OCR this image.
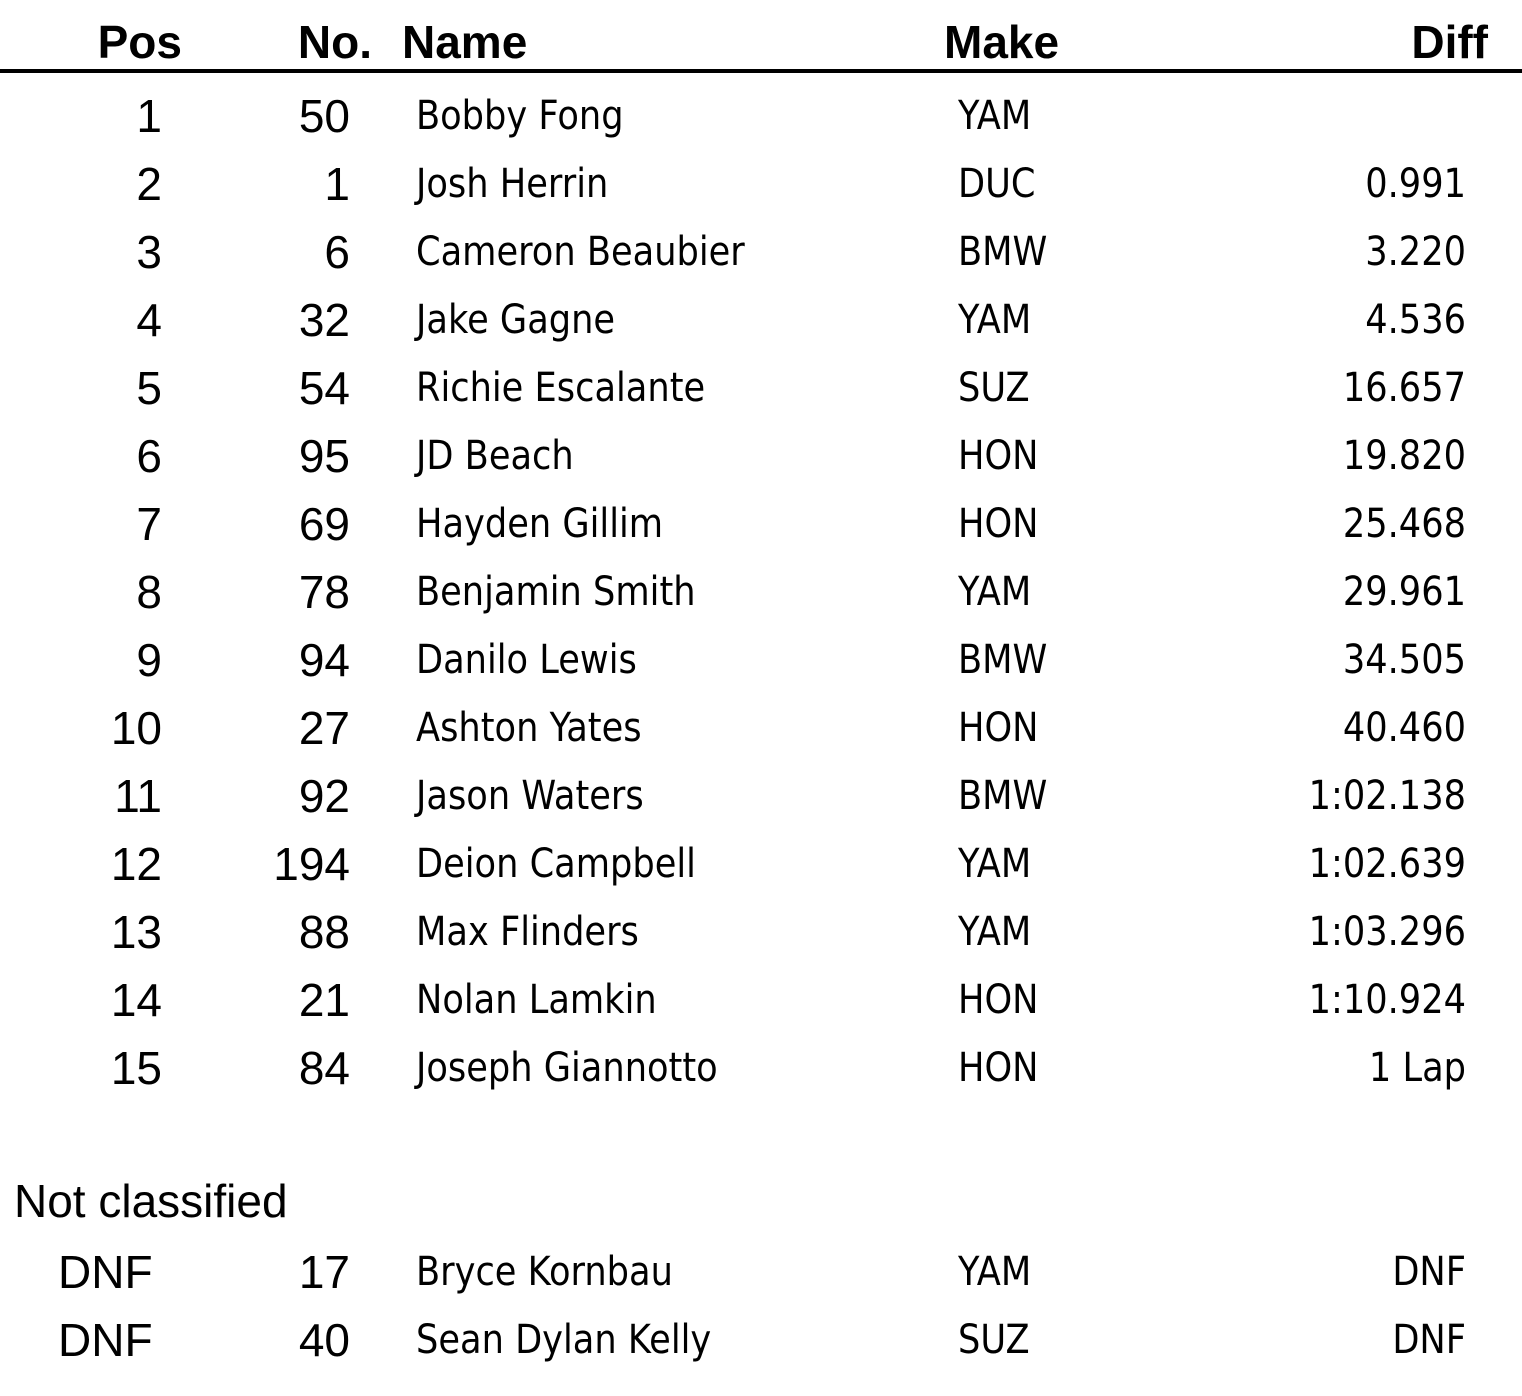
Pos	No. Name	Make	Diff
1	50 Bobby Fong	YAM
2	1 Josh Herrin	DUC	0.991
3	6 Cameron Beaubier	BMW	3.220
4	32 Jake Gagne	YAM	4.536
5	54 Richie Escalante	SUZ	16.657
6	95 JD Beach	HON	19.820
7	69 Hayden Gillim	HON	25.468
8	78 Benjamin Smith	YAM	29.961
9	94 Danilo Lewis	BMW	34.505
10	27 Ashton Yates	HON	40.460
11	92 Jason Waters	BMW	1:02.138
12	194 Deion Campbell	YAM	1:02.639
13	88 Max Flinders	YAM	1:03.296
14	21 Nolan Lamkin	HON	1:10.924
15	84 Joseph Giannotto	HON	1 Lap
Not classified
DNF	17 Bryce Kornbau	YAM	DNF
DNF	40 Sean Dylan Kelly	SUZ	DNF
